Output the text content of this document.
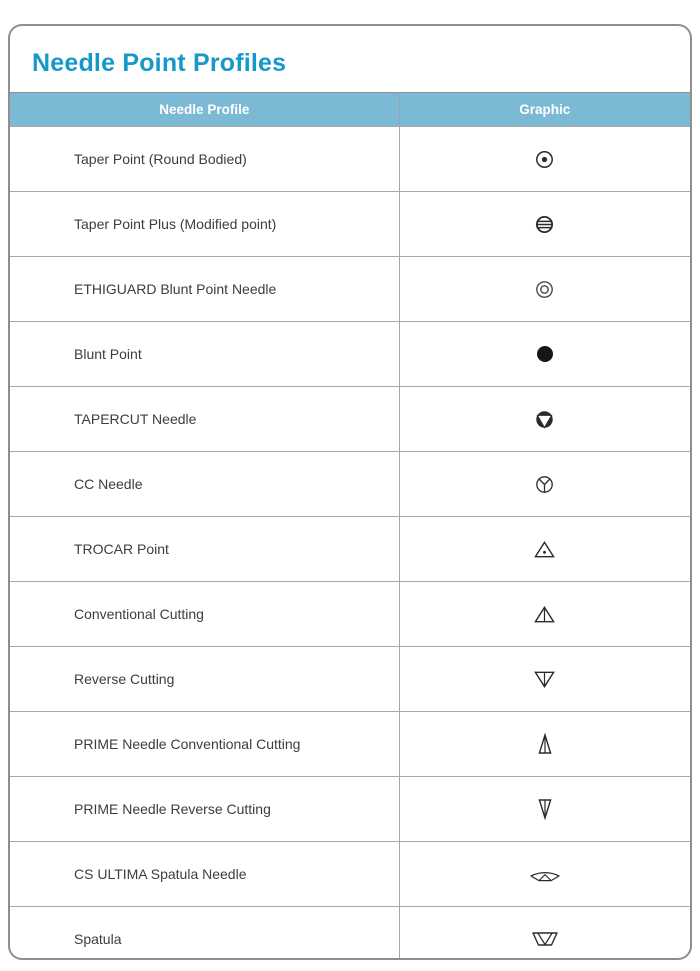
Needle Point Profiles
Needle Profile	Graphic
Taper Point (Round Bodied)
Taper Point Plus (Modified point)
ETHIGUARD Blunt Point Needle
Blunt Point
TAPERCUT Needle
CC Needle
TROCAR Point
Conventional Cutting
Reverse Cutting
PRIME Needle Conventional Cutting
PRIME Needle Reverse Cutting
CS ULTIMA Spatula Needle
Spatula
